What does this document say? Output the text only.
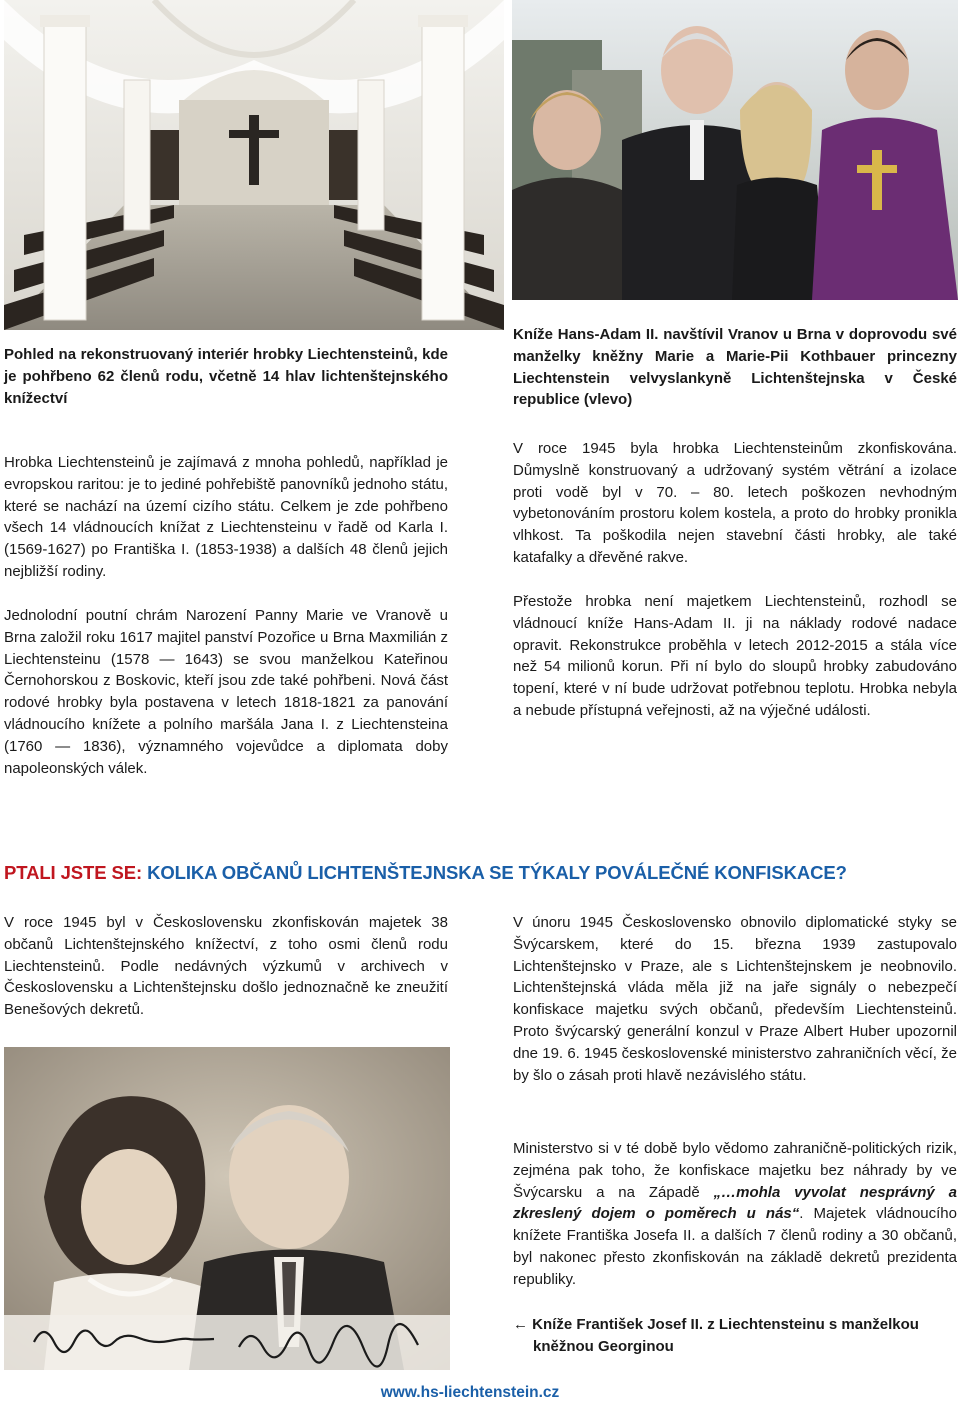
Pohled na rekonstruovaný interiér hrobky Liechtensteinů, kde je pohřbeno 62 členů rodu, včetně 14 hlav lichtenštejnského knížectví

Hrobka Liechtensteinů je zajímavá z mnoha pohledů, například je evropskou raritou: je to jediné pohřebiště panovníků jednoho státu, které se nachází na území cizího státu. Celkem je zde pohřbeno všech 14 vládnoucích knížat z Liechtensteinu v řadě od Karla I. (1569-1627) po Františka I. (1853-1938) a dalších 48 členů jejich nejbližší rodiny.

Jednolodní poutní chrám Narození Panny Marie ve Vranově u Brna založil roku 1617 majitel panství Pozořice u Brna Maxmilián z Liechtensteinu (1578 ― 1643) se svou manželkou Kateřinou Černohorskou z Boskovic, kteří jsou zde také pohřbeni. Nová část rodové hrobky byla postavena v letech 1818-1821 za panování vládnoucího knížete a polního maršála Jana I. z Liechtensteina (1760 ― 1836), významného vojevůdce a diplomata doby napoleonských válek.

Kníže Hans-Adam II. navštívil Vranov u Brna v doprovodu své manželky kněžny Marie a Marie-Pii Kothbauer princezny Liechtenstein velvyslankyně Lichtenštejnska v České republice (vlevo)

V roce 1945 byla hrobka Liechtensteinům zkonfiskována. Důmyslně konstruovaný a udržovaný systém větrání a izolace proti vodě byl v 70. – 80. letech poškozen nevhodným vybetonováním prostoru kolem kostela, a proto do hrobky pronikla vlhkost. Ta poškodila nejen stavební části hrobky, ale také katafalky a dřevěné rakve.

Přestože hrobka není majetkem Liechtensteinů, rozhodl se vládnoucí kníže Hans-Adam II. ji na náklady rodové nadace opravit. Rekonstrukce proběhla v letech 2012-2015 a stála více než 54 milionů korun. Při ní bylo do sloupů hrobky zabudováno topení, které v ní bude udržovat potřebnou teplotu. Hrobka nebyla a nebude přístupná veřejnosti, až na výječné události.

PTALI JSTE SE: KOLIKA OBČANŮ LICHTENŠTEJNSKA SE TÝKALY POVÁLEČNÉ KONFISKACE?

V roce 1945 byl v Československu zkonfiskován majetek 38 občanů Lichtenštejnského knížectví, z toho osmi členů rodu Liechtensteinů. Podle nedávných výzkumů v archivech v Československu a Lichtenštejnsku došlo jednoznačně ke zneužití Benešových dekretů.

V únoru 1945 Československo obnovilo diplomatické styky se Švýcarskem, které do 15. března 1939 zastupovalo Lichtenštejnsko v Praze, ale s Lichtenštejnskem je neobnovilo. Lichtenštejnská vláda měla již na jaře signály o nebezpečí konfiskace majetku svých občanů, především Liechtensteinů. Proto švýcarský generální konzul v Praze Albert Huber upozornil dne 19. 6. 1945 československé ministerstvo zahraničních věcí, že by šlo o zásah proti hlavě nezávislého státu.

Ministerstvo si v té době bylo vědomo zahraničně-politických rizik, zejména pak toho, že konfiskace majetku bez náhrady by ve Švýcarsku a na Západě „…mohla vyvolat nesprávný a zkreslený dojem o poměrech u nás“. Majetek vládnoucího knížete Františka Josefa II. a dalších 7 členů rodiny a 30 občanů, byl nakonec přesto zkonfiskován na základě dekretů prezidenta republiky.

← Kníže František Josef II. z Liechtensteinu s manželkou kněžnou Georginou

www.hs-liechtenstein.cz
